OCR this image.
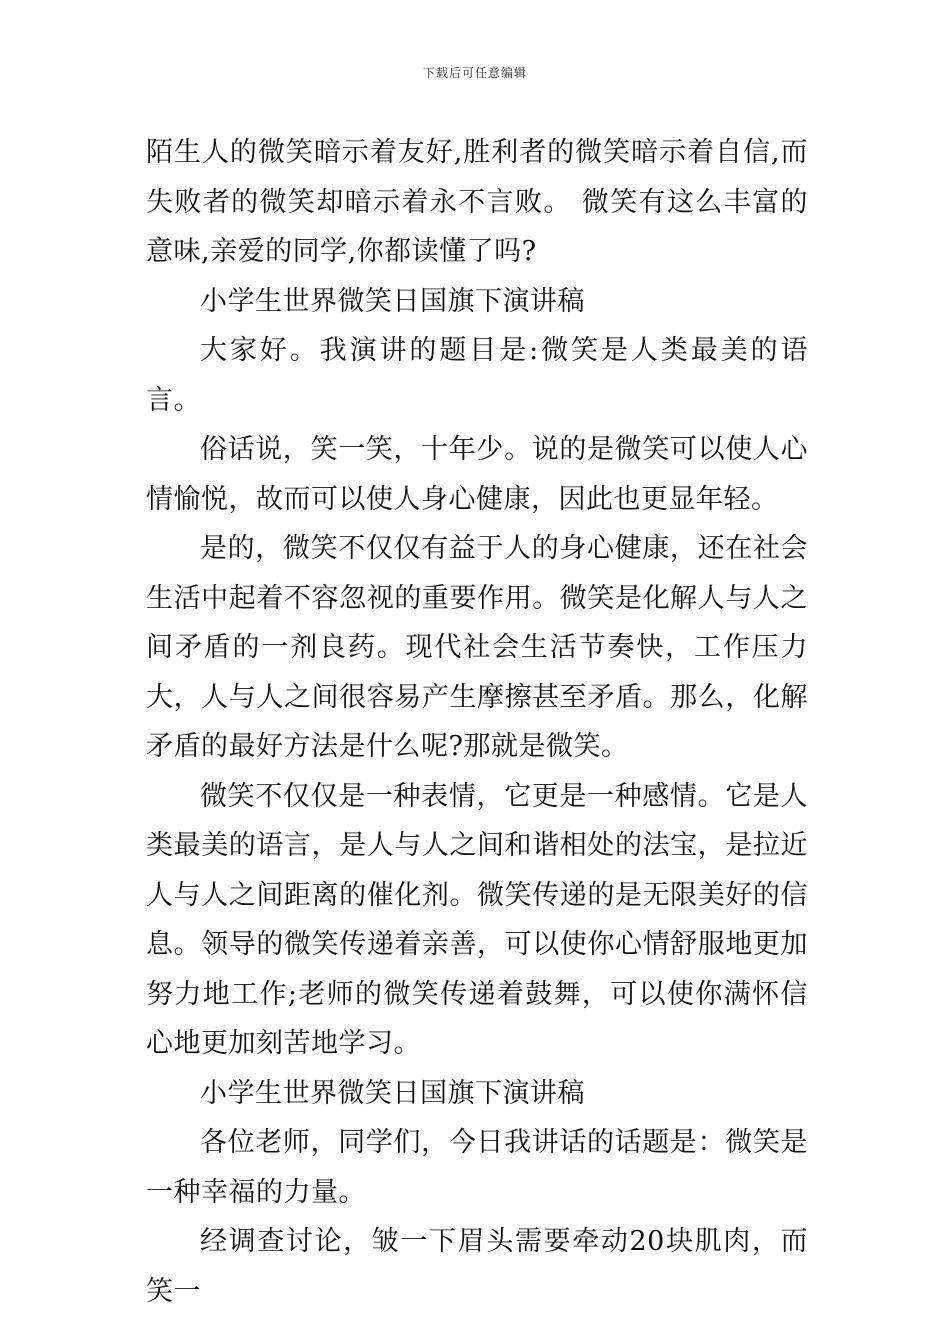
下载后可任意编辑

陌生人的微笑暗示着友好,胜利者的微笑暗示着自信,而失败者的微笑却暗示着永不言败。 微笑有这么丰富的意味,亲爱的同学,你都读懂了吗?

小学生世界微笑日国旗下演讲稿

大家好。我演讲的题目是:微笑是人类最美的语言。

俗话说，笑一笑，十年少。说的是微笑可以使人心情愉悦，故而可以使人身心健康，因此也更显年轻。

是的，微笑不仅仅有益于人的身心健康，还在社会生活中起着不容忽视的重要作用。微笑是化解人与人之间矛盾的一剂良药。现代社会生活节奏快，工作压力大，人与人之间很容易产生摩擦甚至矛盾。那么，化解矛盾的最好方法是什么呢?那就是微笑。

微笑不仅仅是一种表情，它更是一种感情。它是人类最美的语言，是人与人之间和谐相处的法宝，是拉近人与人之间距离的催化剂。微笑传递的是无限美好的信息。领导的微笑传递着亲善，可以使你心情舒服地更加努力地工作;老师的微笑传递着鼓舞，可以使你满怀信心地更加刻苦地学习。

小学生世界微笑日国旗下演讲稿

各位老师，同学们，今日我讲话的话题是：微笑是一种幸福的力量。

经调查讨论，皱一下眉头需要牵动20块肌肉，而笑一
